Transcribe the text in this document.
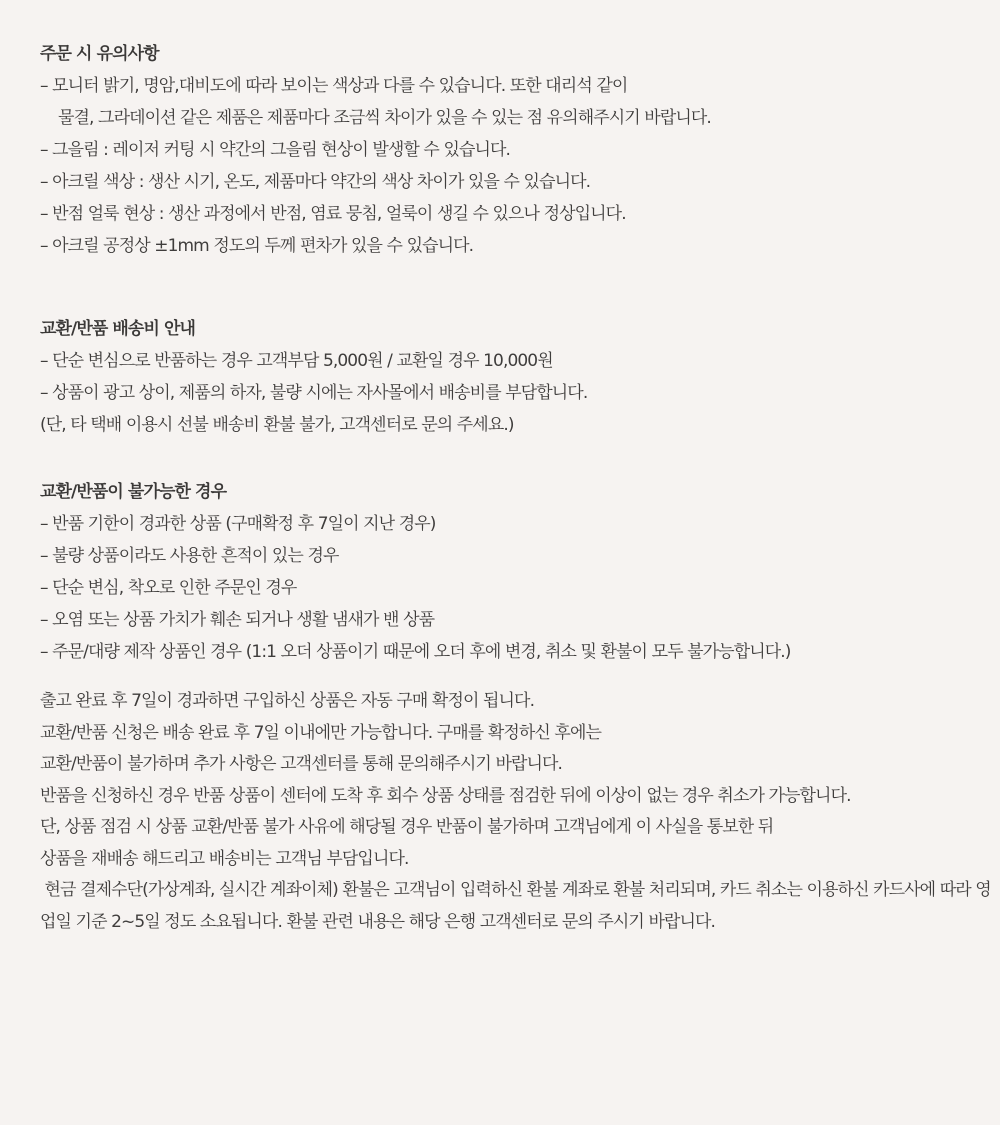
주문 시 유의사항
– 모니터 밝기, 명암,대비도에 따라 보이는 색상과 다를 수 있습니다. 또한 대리석 같이
물결, 그라데이션 같은 제품은 제품마다 조금씩 차이가 있을 수 있는 점 유의해주시기 바랍니다.
– 그을림 : 레이저 커팅 시 약간의 그을림 현상이 발생할 수 있습니다.
– 아크릴 색상 : 생산 시기, 온도, 제품마다 약간의 색상 차이가 있을 수 있습니다.
– 반점 얼룩 현상 : 생산 과정에서 반점, 염료 뭉침, 얼룩이 생길 수 있으나 정상입니다.
– 아크릴 공정상 ±1mm 정도의 두께 편차가 있을 수 있습니다.
교환/반품 배송비 안내
– 단순 변심으로 반품하는 경우 고객부담 5,000원 / 교환일 경우 10,000원
– 상품이 광고 상이, 제품의 하자, 불량 시에는 자사몰에서 배송비를 부담합니다.
(단, 타 택배 이용시 선불 배송비 환불 불가, 고객센터로 문의 주세요.)
교환/반품이 불가능한 경우
– 반품 기한이 경과한 상품 (구매확정 후 7일이 지난 경우)
– 불량 상품이라도 사용한 흔적이 있는 경우
– 단순 변심, 착오로 인한 주문인 경우
– 오염 또는 상품 가치가 훼손 되거나 생활 냄새가 밴 상품
– 주문/대량 제작 상품인 경우 (1:1 오더 상품이기 때문에 오더 후에 변경, 취소 및 환불이 모두 불가능합니다.)
출고 완료 후 7일이 경과하면 구입하신 상품은 자동 구매 확정이 됩니다.
교환/반품 신청은 배송 완료 후 7일 이내에만 가능합니다. 구매를 확정하신 후에는
교환/반품이 불가하며 추가 사항은 고객센터를 통해 문의해주시기 바랍니다.
반품을 신청하신 경우 반품 상품이 센터에 도착 후 회수 상품 상태를 점검한 뒤에 이상이 없는 경우 취소가 가능합니다.
단, 상품 점검 시 상품 교환/반품 불가 사유에 해당될 경우 반품이 불가하며 고객님에게 이 사실을 통보한 뒤
상품을 재배송 해드리고 배송비는 고객님 부담입니다.
현금 결제수단(가상계좌, 실시간 계좌이체) 환불은 고객님이 입력하신 환불 계좌로 환불 처리되며, 카드 취소는 이용하신 카드사에 따라 영업일 기준 2~5일 정도 소요됩니다. 환불 관련 내용은 해당 은행 고객센터로 문의 주시기 바랍니다.
